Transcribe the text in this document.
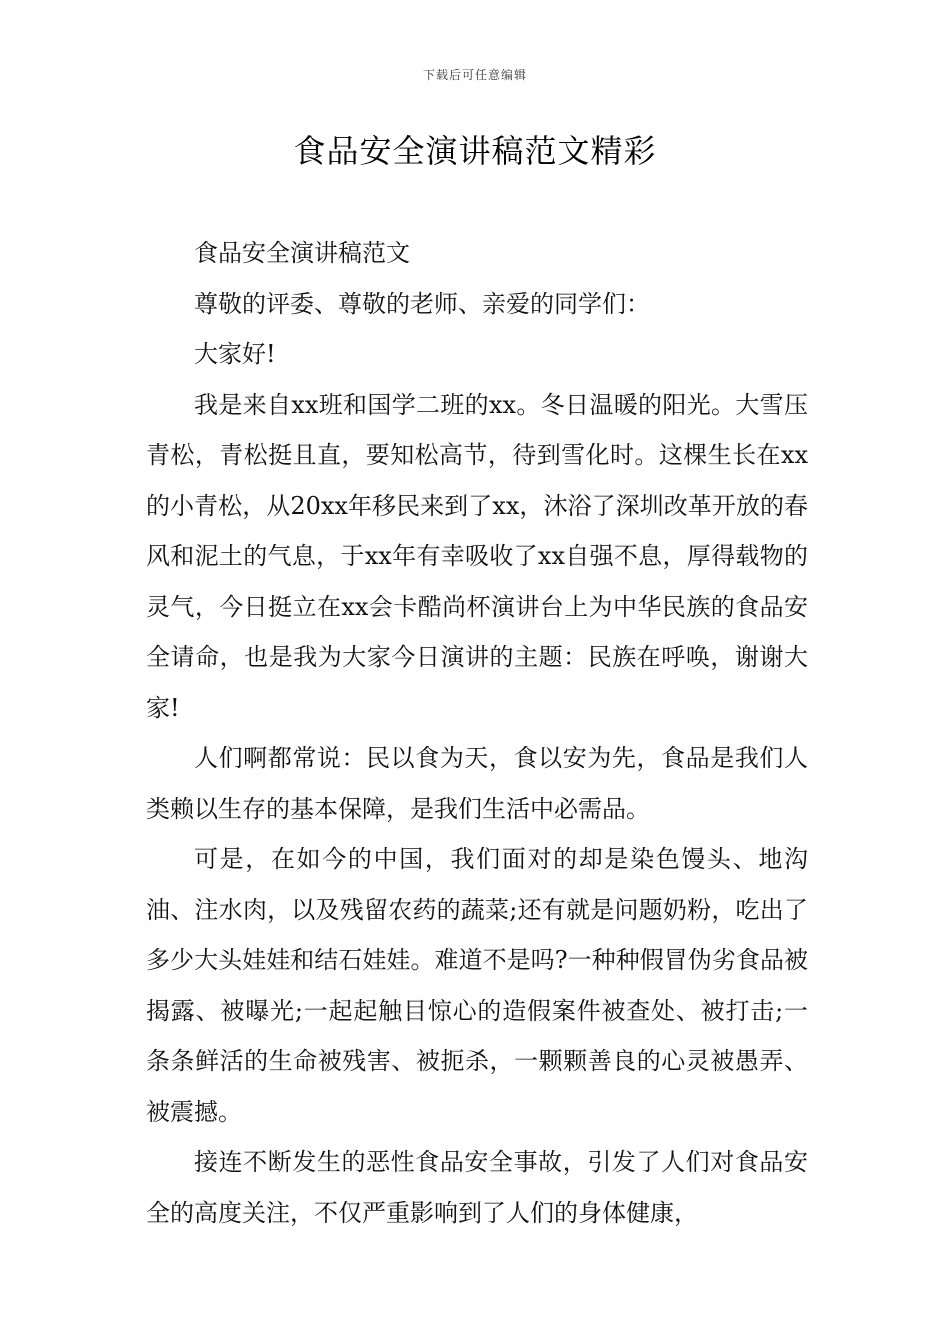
下载后可任意编辑
食品安全演讲稿范文精彩

食品安全演讲稿范文

尊敬的评委、尊敬的老师、亲爱的同学们：

大家好!

我是来自xx班和国学二班的xx。冬日温暖的阳光。大雪压青松，青松挺且直，要知松高节，待到雪化时。这棵生长在xx的小青松，从20xx年移民来到了xx，沐浴了深圳改革开放的春风和泥土的气息，于xx年有幸吸收了xx自强不息，厚得载物的灵气，今日挺立在xx会卡酷尚杯演讲台上为中华民族的食品安全请命，也是我为大家今日演讲的主题：民族在呼唤，谢谢大家!

人们啊都常说：民以食为天，食以安为先，食品是我们人类赖以生存的基本保障，是我们生活中必需品。

可是，在如今的中国，我们面对的却是染色馒头、地沟油、注水肉，以及残留农药的蔬菜;还有就是问题奶粉，吃出了多少大头娃娃和结石娃娃。难道不是吗?一种种假冒伪劣食品被揭露、被曝光;一起起触目惊心的造假案件被查处、被打击;一条条鲜活的生命被残害、被扼杀，一颗颗善良的心灵被愚弄、被震撼。

接连不断发生的恶性食品安全事故，引发了人们对食品安全的高度关注，不仅严重影响到了人们的身体健康，
